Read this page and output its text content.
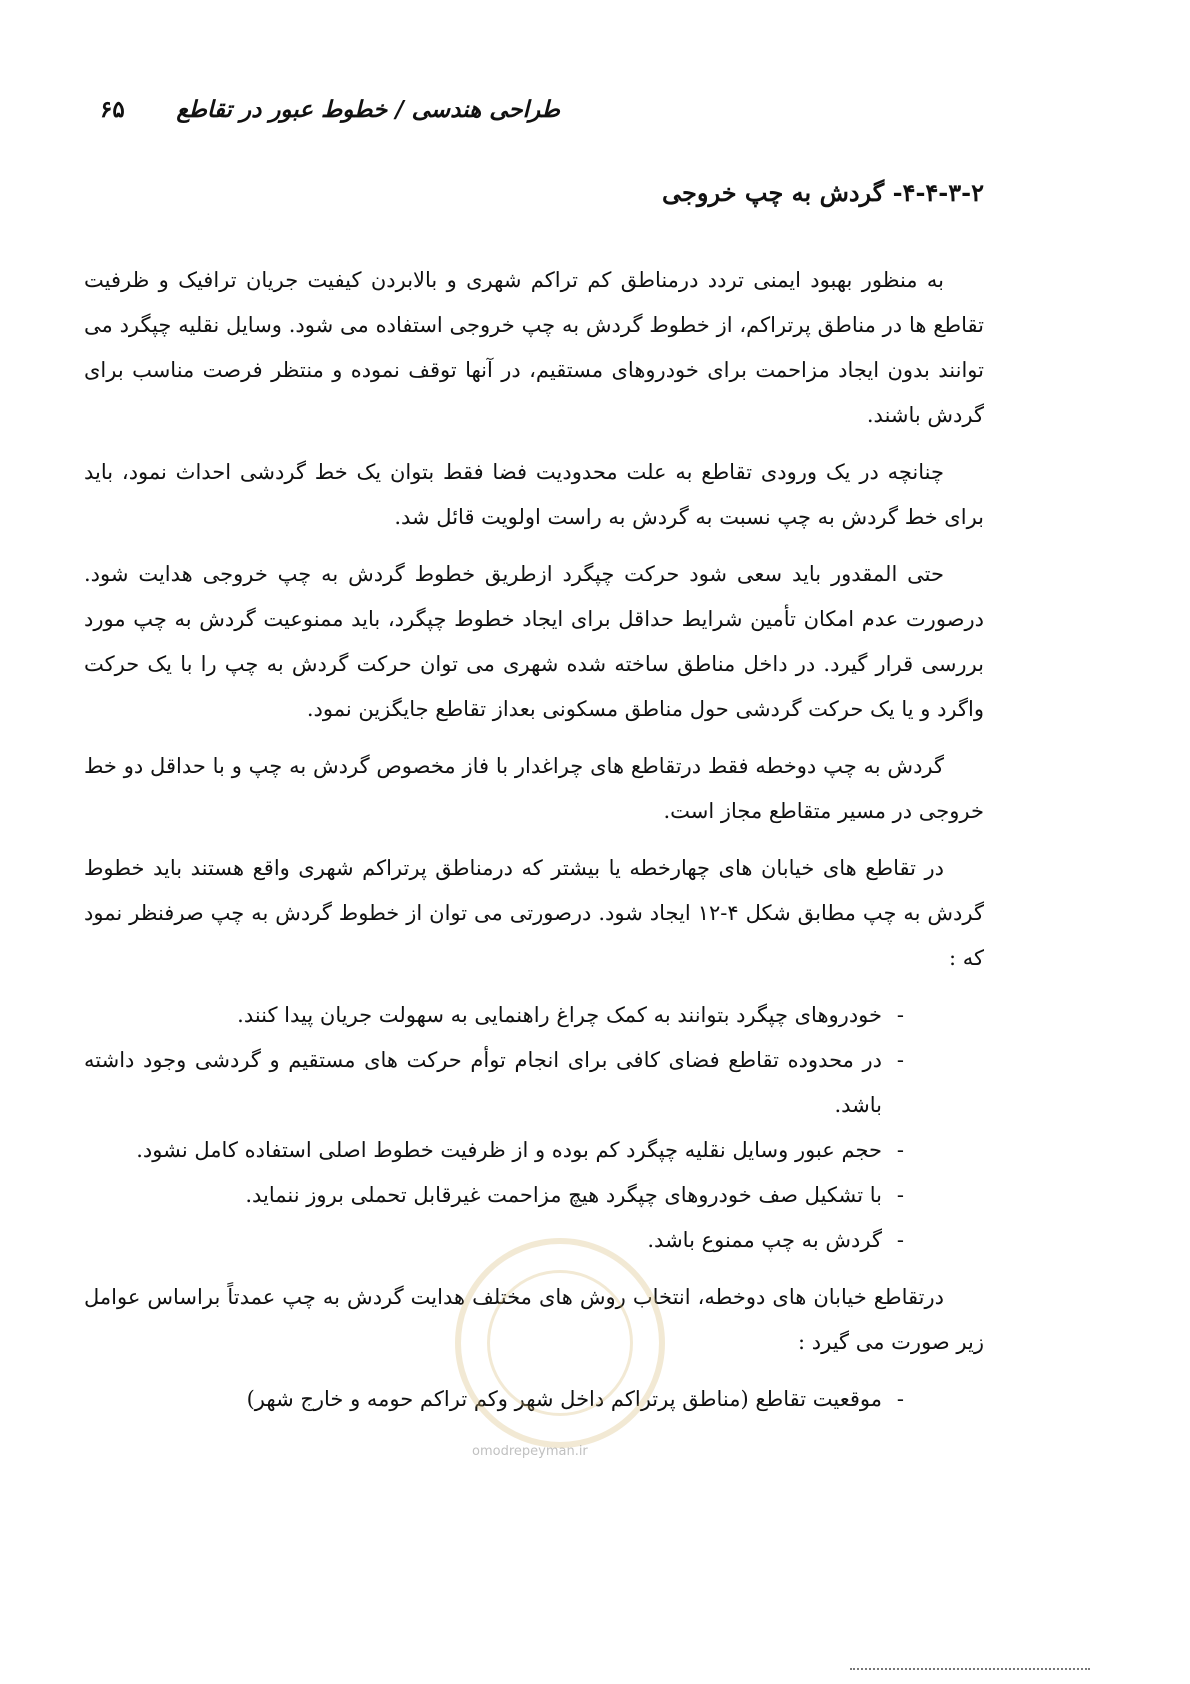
طراحی هندسی / خطوط عبور در تقاطع
۶۵
۴-۴-۳-۲- گردش به چپ خروجی

به منظور بهبود ایمنی تردد درمناطق کم تراکم شهری و بالابردن کیفیت جریان ترافیک و ظرفیت تقاطع ها در مناطق پرتراکم، از خطوط گردش به چپ خروجی استفاده می شود. وسایل نقلیه چپگرد می توانند بدون ایجاد مزاحمت برای خودروهای مستقیم، در آنها توقف نموده و منتظر فرصت مناسب برای گردش باشند.

چنانچه در یک ورودی تقاطع به علت محدودیت فضا فقط بتوان یک خط گردشی احداث نمود، باید برای خط گردش به چپ نسبت به گردش به راست اولویت قائل شد.

حتی المقدور باید سعی شود حرکت چپگرد ازطریق خطوط گردش به چپ خروجی هدایت شود. درصورت عدم امکان تأمین شرایط حداقل برای ایجاد خطوط چپگرد، باید ممنوعیت گردش به چپ مورد بررسی قرار گیرد. در داخل مناطق ساخته شده شهری می توان حرکت گردش به چپ را با یک حرکت واگرد و یا یک حرکت گردشی حول مناطق مسکونی بعداز تقاطع جایگزین نمود.

گردش به چپ دوخطه فقط درتقاطع های چراغدار با فاز مخصوص گردش به چپ و با حداقل دو خط خروجی در مسیر متقاطع مجاز است.

در تقاطع های خیابان های چهارخطه یا بیشتر که درمناطق پرتراکم شهری واقع هستند باید خطوط گردش به چپ مطابق شکل ۴-۱۲ ایجاد شود. درصورتی می توان از خطوط گردش به چپ صرفنظر نمود که :

-
خودروهای چپگرد بتوانند به کمک چراغ راهنمایی به سهولت جریان پیدا کنند.
-
در محدوده تقاطع فضای کافی برای انجام توأم حرکت های مستقیم و گردشی وجود داشته باشد.
-
حجم عبور وسایل نقلیه چپگرد کم بوده و از ظرفیت خطوط اصلی استفاده کامل نشود.
-
با تشکیل صف خودروهای چپگرد هیچ مزاحمت غیرقابل تحملی بروز ننماید.
-
گردش به چپ ممنوع باشد.

درتقاطع خیابان های دوخطه، انتخاب روش های مختلف هدایت گردش به چپ عمدتاً براساس عوامل زیر صورت می گیرد :

-
موقعیت تقاطع (مناطق پرتراکم داخل شهر وکم تراکم حومه و خارج شهر)
omodrepeyman.ir
